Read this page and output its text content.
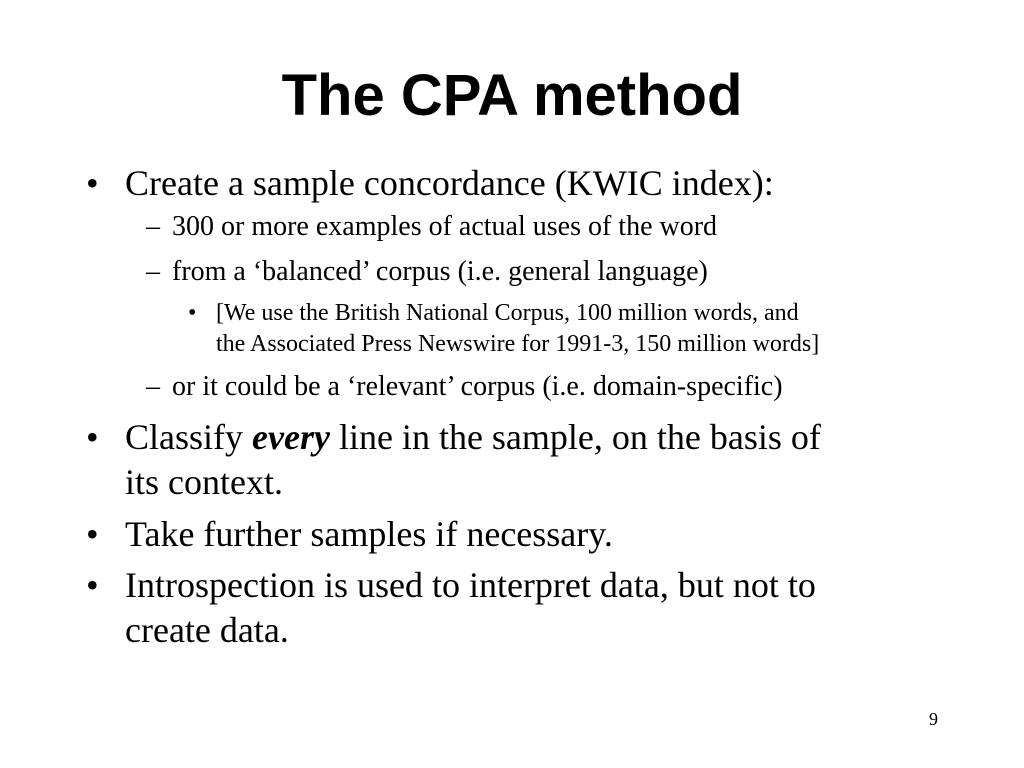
The CPA method
• Create a sample concordance (KWIC index):
– 300 or more examples of actual uses of the word
– from a ‘balanced’ corpus (i.e. general language)
• [We use the British National Corpus, 100 million words, and
the Associated Press Newswire for 1991-3, 150 million words]
– or it could be a ‘relevant’ corpus (i.e. domain-specific)
• Classify every line in the sample, on the basis of
its context.
• Take further samples if necessary.
• Introspection is used to interpret data, but not to
create data.
9
